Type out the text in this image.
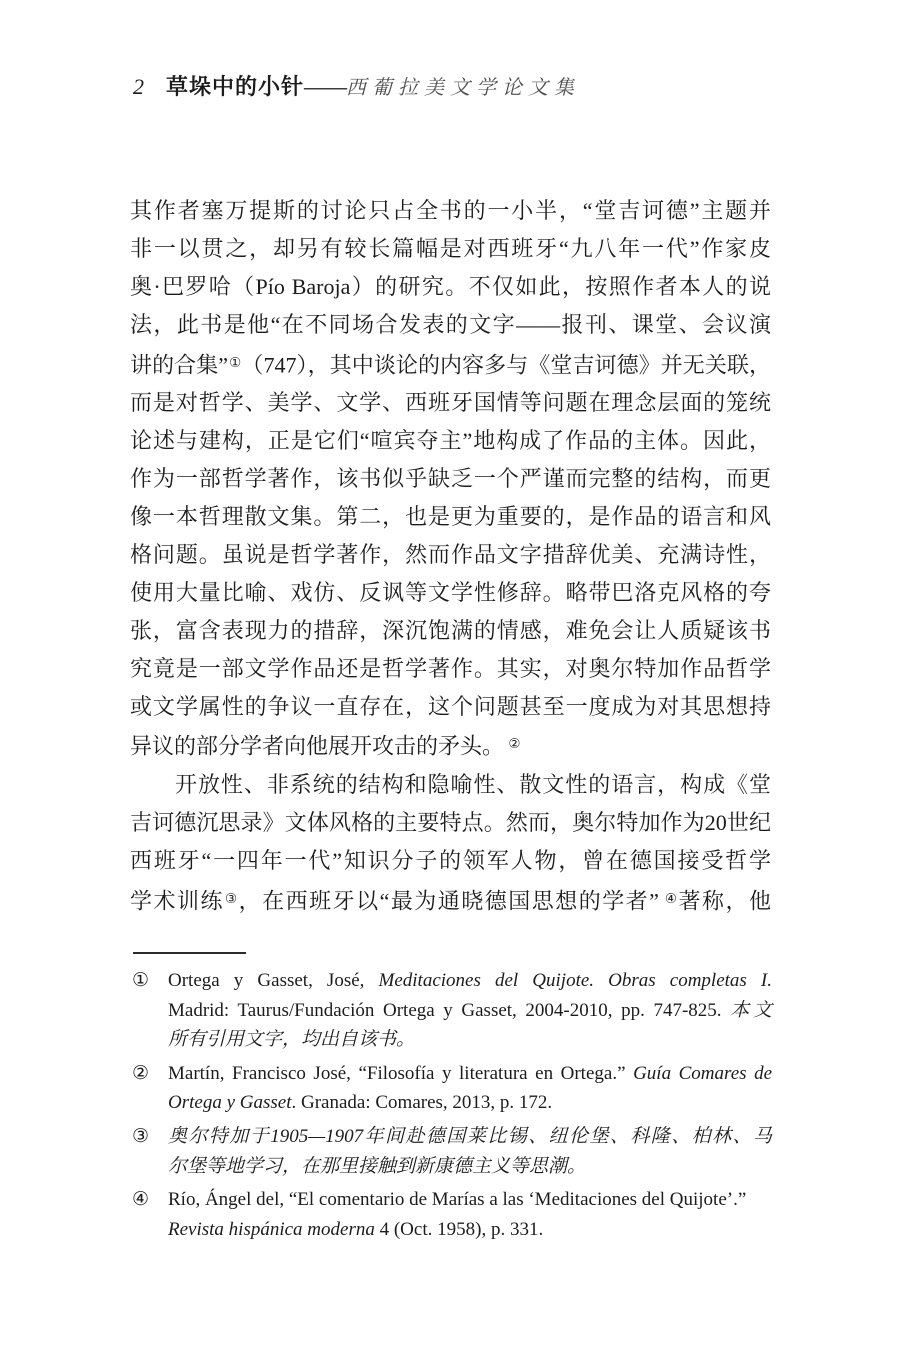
2 草垛中的小针 —— 西葡拉美文学论文集
其作者塞万提斯的讨论只占全书的一小半，“堂吉诃德”主题并
非一以贯之，却另有较长篇幅是对西班牙“九八年一代”作家皮
奥·巴罗哈（Pío Baroja）的研究。不仅如此，按照作者本人的说
法，此书是他“在不同场合发表的文字——报刊、课堂、会议演
讲的合集”①（747），其中谈论的内容多与《堂吉诃德》并无关联，
而是对哲学、美学、文学、西班牙国情等问题在理念层面的笼统
论述与建构，正是它们“喧宾夺主”地构成了作品的主体。因此，
作为一部哲学著作，该书似乎缺乏一个严谨而完整的结构，而更
像一本哲理散文集。第二，也是更为重要的，是作品的语言和风
格问题。虽说是哲学著作，然而作品文字措辞优美、充满诗性，
使用大量比喻、戏仿、反讽等文学性修辞。略带巴洛克风格的夸
张，富含表现力的措辞，深沉饱满的情感，难免会让人质疑该书
究竟是一部文学作品还是哲学著作。其实，对奥尔特加作品哲学
或文学属性的争议一直存在，这个问题甚至一度成为对其思想持
异议的部分学者向他展开攻击的矛头。 ②
开放性、非系统的结构和隐喻性、散文性的语言，构成《堂
吉诃德沉思录》文体风格的主要特点。然而，奥尔特加作为20世纪
西班牙“一四年一代”知识分子的领军人物，曾在德国接受哲学
学术训练③，在西班牙以“最为通晓德国思想的学者” ④著称，他
① Ortega y Gasset, José, Meditaciones del Quijote. Obras completas I.
Madrid: Taurus/Fundación Ortega y Gasset, 2004-2010, pp. 747-825. 本文
所有引用文字，均出自该书。
② Martín, Francisco José, “Filosofía y literatura en Ortega.” Guía Comares de
Ortega y Gasset. Granada: Comares, 2013, p. 172.
③ 奥尔特加于1905—1907年间赴德国莱比锡、纽伦堡、科隆、柏林、马
尔堡等地学习，在那里接触到新康德主义等思潮。
④ Río, Ángel del, “El comentario de Marías a las ‘Meditaciones del Quijote’.”
Revista hispánica moderna 4 (Oct. 1958), p. 331.
